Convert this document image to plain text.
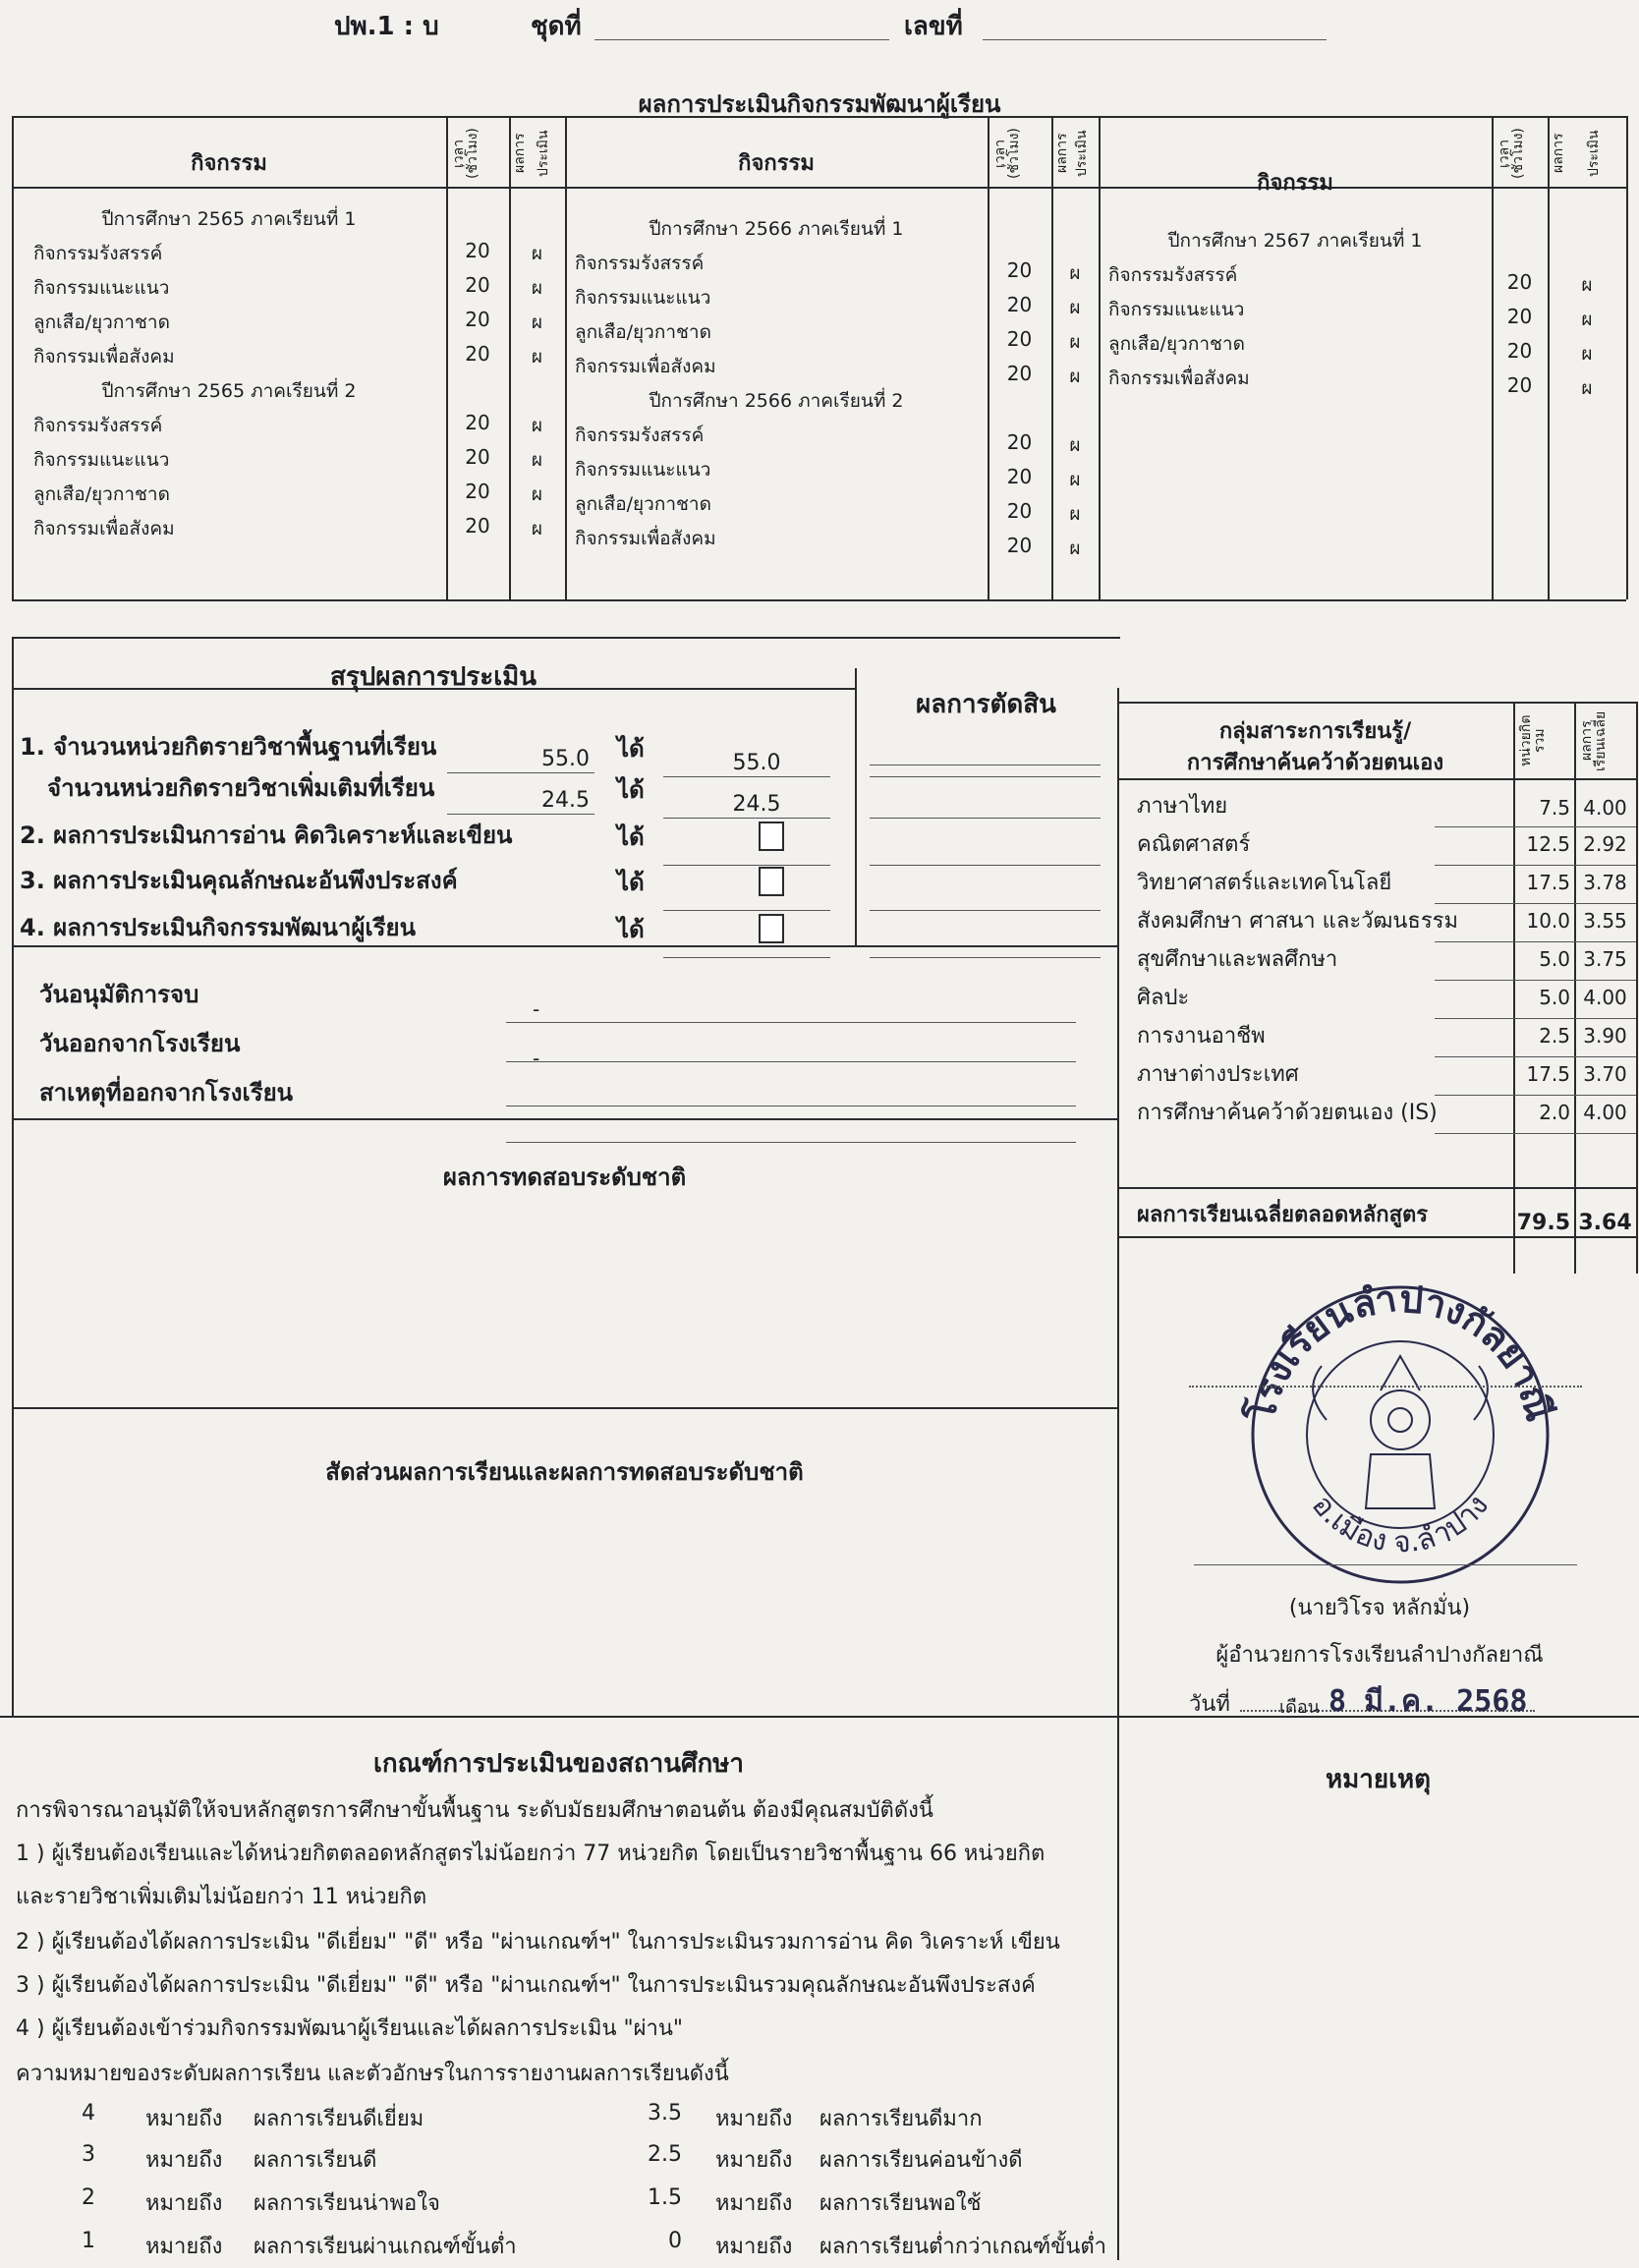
ปพ.1 : บ	ชุดที่	เลขที่
ผลการประเมินกิจกรรมพัฒนาผู้เรียน
กิจกรรม	เวลา (ชั่วโมง)	ผลการ ประเมิน
ปีการศึกษา 2565 ภาคเรียนที่ 1
กิจกรรมรังสรรค์	20	ผ
กิจกรรมแนะแนว	20	ผ
ลูกเสือ/ยุวกาชาด	20	ผ
กิจกรรมเพื่อสังคม	20	ผ
ปีการศึกษา 2565 ภาคเรียนที่ 2
กิจกรรมรังสรรค์	20	ผ
กิจกรรมแนะแนว	20	ผ
ลูกเสือ/ยุวกาชาด	20	ผ
กิจกรรมเพื่อสังคม	20	ผ
กิจกรรม	เวลา (ชั่วโมง)	ผลการ ประเมิน
ปีการศึกษา 2566 ภาคเรียนที่ 1
กิจกรรมรังสรรค์	20	ผ
กิจกรรมแนะแนว	20	ผ
ลูกเสือ/ยุวกาชาด	20	ผ
กิจกรรมเพื่อสังคม	20	ผ
ปีการศึกษา 2566 ภาคเรียนที่ 2
กิจกรรมรังสรรค์	20	ผ
กิจกรรมแนะแนว	20	ผ
ลูกเสือ/ยุวกาชาด	20	ผ
กิจกรรมเพื่อสังคม	20	ผ
กิจกรรม
เวลา (ชั่วโมง)	ผลการ	ประเมิน
ปีการศึกษา 2567 ภาคเรียนที่ 1
กิจกรรมรังสรรค์	20	ผ
กิจกรรมแนะแนว	20	ผ
ลูกเสือ/ยุวกาชาด	20	ผ
กิจกรรมเพื่อสังคม	20	ผ
สรุปผลการประเมิน
ผลการตัดสิน
1. จำนวนหน่วยกิตรายวิชาพื้นฐานที่เรียน	ได้
55.0	55.0
จำนวนหน่วยกิตรายวิชาเพิ่มเติมที่เรียน	ได้
24.5	24.5
2. ผลการประเมินการอ่าน คิดวิเคราะห์และเขียน	ได้
3. ผลการประเมินคุณลักษณะอันพึงประสงค์	ได้
4. ผลการประเมินกิจกรรมพัฒนาผู้เรียน	ได้
วันอนุมัติการจบ
วันออกจากโรงเรียน
สาเหตุที่ออกจากโรงเรียน
-
-
ผลการทดสอบระดับชาติ
สัดส่วนผลการเรียนและผลการทดสอบระดับชาติ
กลุ่มสาระการเรียนรู้/
การศึกษาค้นคว้าด้วยตนเอง	หน่วยกิต รวม	ผลการ เรียนเฉลี่ย
ภาษาไทย	7.5 4.00
คณิตศาสตร์	12.5 2.92
วิทยาศาสตร์และเทคโนโลยี	17.5 3.78
สังคมศึกษา ศาสนา และวัฒนธรรม	10.0 3.55
สุขศึกษาและพลศึกษา	5.0 3.75
ศิลปะ	5.0 4.00
การงานอาชีพ	2.5 3.90
ภาษาต่างประเทศ	17.5 3.70
การศึกษาค้นคว้าด้วยตนเอง (IS)	2.0 4.00
ผลการเรียนเฉลี่ยตลอดหลักสูตร	79.5 3.64
โรงเรียนลำปางกัลยาณี
อ.เมือง จ.ลำปาง
(นายวิโรจ หลักมั่น)
ผู้อำนวยการโรงเรียนลำปางกัลยาณี
วันที่	เดือน 8 มี.ค. 2568
เกณฑ์การประเมินของสถานศึกษา
หมายเหตุ
การพิจารณาอนุมัติให้จบหลักสูตรการศึกษาขั้นพื้นฐาน ระดับมัธยมศึกษาตอนต้น ต้องมีคุณสมบัติดังนี้
1 ) ผู้เรียนต้องเรียนและได้หน่วยกิตตลอดหลักสูตรไม่น้อยกว่า 77 หน่วยกิต โดยเป็นรายวิชาพื้นฐาน 66 หน่วยกิต
และรายวิชาเพิ่มเติมไม่น้อยกว่า 11 หน่วยกิต
2 ) ผู้เรียนต้องได้ผลการประเมิน "ดีเยี่ยม" "ดี" หรือ "ผ่านเกณฑ์ฯ" ในการประเมินรวมการอ่าน คิด วิเคราะห์ เขียน
3 ) ผู้เรียนต้องได้ผลการประเมิน "ดีเยี่ยม" "ดี" หรือ "ผ่านเกณฑ์ฯ" ในการประเมินรวมคุณลักษณะอันพึงประสงค์
4 ) ผู้เรียนต้องเข้าร่วมกิจกรรมพัฒนาผู้เรียนและได้ผลการประเมิน "ผ่าน"
ความหมายของระดับผลการเรียน และตัวอักษรในการรายงานผลการเรียนดังนี้
4	หมายถึง ผลการเรียนดีเยี่ยม	3.5 หมายถึง ผลการเรียนดีมาก
3	หมายถึง ผลการเรียนดี	2.5 หมายถึง ผลการเรียนค่อนข้างดี
2	หมายถึง ผลการเรียนน่าพอใจ	1.5 หมายถึง ผลการเรียนพอใช้
1	หมายถึง ผลการเรียนผ่านเกณฑ์ขั้นต่ำ	0 หมายถึง ผลการเรียนต่ำกว่าเกณฑ์ขั้นต่ำ
